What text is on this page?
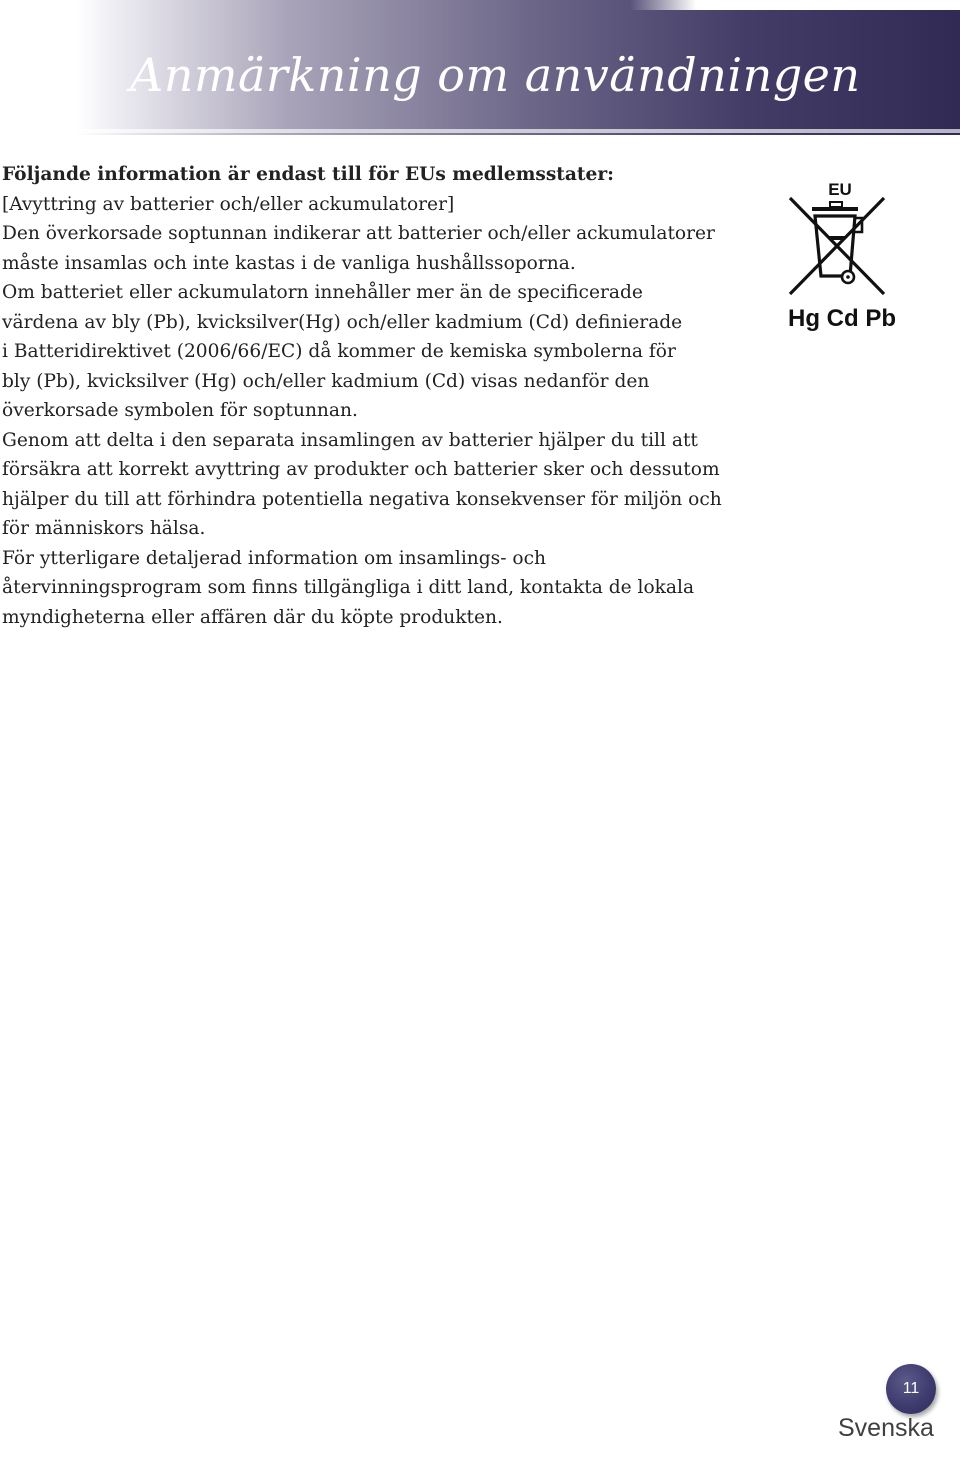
Anmärkning om användningen

Följande information är endast till för EUs medlemsstater:

[Avyttring av batterier och/eller ackumulatorer]

Den överkorsade soptunnan indikerar att batterier och/eller ackumulatorer
måste insamlas och inte kastas i de vanliga hushållssoporna.

Om batteriet eller ackumulatorn innehåller mer än de specificerade
värdena av bly (Pb), kvicksilver(Hg) och/eller kadmium (Cd) definierade
i Batteridirektivet (2006/66/EC) då kommer de kemiska symbolerna för
bly (Pb), kvicksilver (Hg) och/eller kadmium (Cd) visas nedanför den
överkorsade symbolen för soptunnan.

Genom att delta i den separata insamlingen av batterier hjälper du till att
försäkra att korrekt avyttring av produkter och batterier sker och dessutom
hjälper du till att förhindra potentiella negativa konsekvenser för miljön och
för människors hälsa.

För ytterligare detaljerad information om insamlings- och
återvinningsprogram som finns tillgängliga i ditt land, kontakta de lokala
myndigheterna eller affären där du köpte produkten.

EU
Hg Cd Pb
11
Svenska
